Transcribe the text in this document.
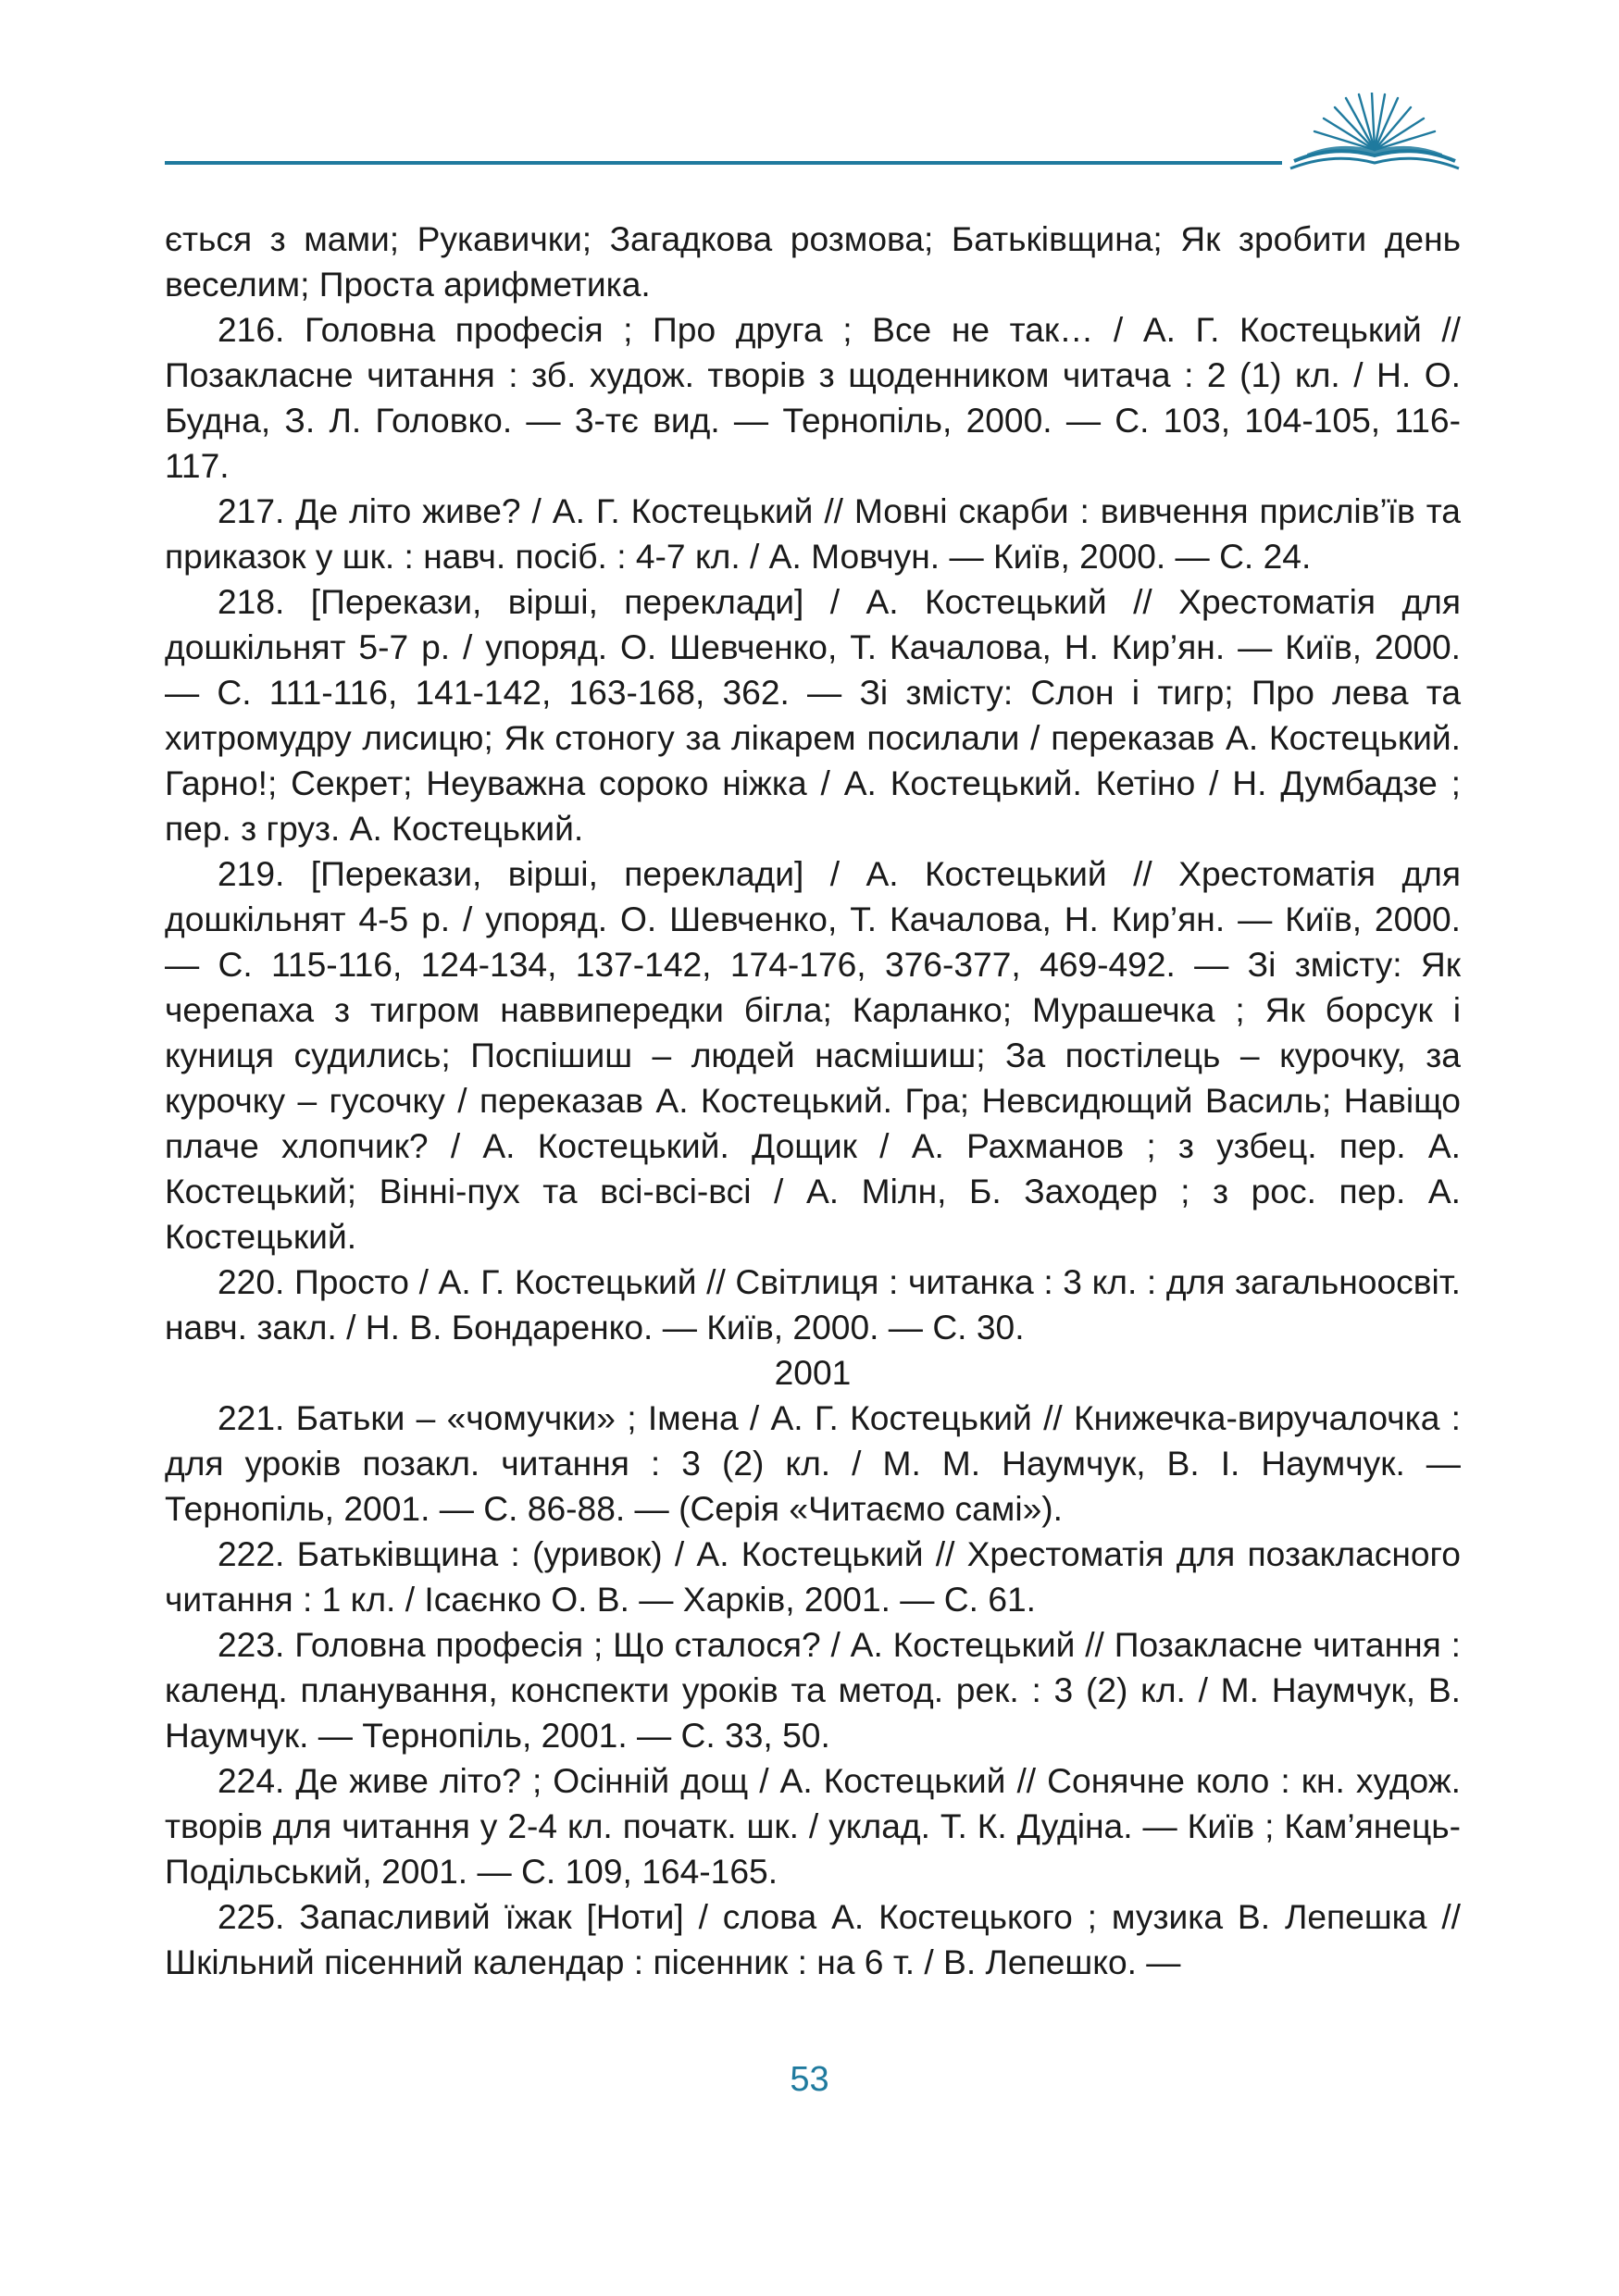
ється з мами; Рукавички; Загадкова розмова; Батьківщина; Як зробити день веселим; Проста арифметика.

216. Головна професія ; Про друга ; Все не так… / А. Г. Костецький // Позакласне читання : зб. худож. творів з щоденником читача : 2 (1) кл. / Н. О. Будна, З. Л. Головко. — 3-тє вид. — Тернопіль, 2000. — С. 103, 104-105, 116-117.

217. Де літо живе? / А. Г. Костецький // Мовні скарби : вивчення прислів’їв та приказок у шк. : навч. посіб. : 4-7 кл. / А. Мовчун. — Київ, 2000. — С. 24.

218. [Перекази, вірші, переклади] / А. Костецький // Хрестоматія для дошкільнят 5-7 р. / упоряд. О. Шевченко, Т. Качалова, Н. Кир’ян. — Київ, 2000. — С. 111-116, 141-142, 163-168, 362. — Зі змісту: Слон і тигр; Про лева та хитромудру лисицю; Як стоногу за лікарем посилали / переказав А. Костецький. Гарно!; Секрет; Неуважна сороко ніжка / А. Костецький. Кетіно / Н. Думбадзе ; пер. з груз. А. Костецький.

219. [Перекази, вірші, переклади] / А. Костецький // Хрестоматія для дошкільнят 4-5 р. / упоряд. О. Шевченко, Т. Качалова, Н. Кир’ян. — Київ, 2000. — С. 115-116, 124-134, 137-142, 174-176, 376-377, 469-492. — Зі змісту: Як черепаха з тигром наввипередки бігла; Карланко; Мурашечка ; Як борсук і куниця судились; Поспішиш – людей насмішиш; За постілець – курочку, за курочку – гусочку / переказав А. Костецький. Гра; Невсидющий Василь; Навіщо плаче хлопчик? / А. Костецький. Дощик / А. Рахманов ; з узбец. пер. А. Костецький; Вінні-пух та всі-всі-всі / А. Мілн, Б. Заходер ; з рос. пер. А. Костецький.

220. Просто / А. Г. Костецький // Світлиця : читанка : 3 кл. : для загальноосвіт. навч. закл. / Н. В. Бондаренко. — Київ, 2000. — С. 30.

2001

221. Батьки – «чомучки» ; Імена / А. Г. Костецький // Книжечка-виручалочка : для уроків позакл. читання : 3 (2) кл. / М. М. Наумчук, В. І. Наумчук. — Тернопіль, 2001. — С. 86-88. — (Серія «Читаємо самі»).

222. Батьківщина : (уривок) / А. Костецький // Хрестоматія для позакласного читання : 1 кл. / Ісаєнко О. В. — Харків, 2001. — С. 61.

223. Головна професія ; Що сталося? / А. Костецький // Позакласне читання : календ. планування, конспекти уроків та метод. рек. : 3 (2) кл. / М. Наумчук, В. Наумчук. — Тернопіль, 2001. — С. 33, 50.

224. Де живе літо? ; Осінній дощ / А. Костецький // Сонячне коло : кн. худож. творів для читання у 2-4 кл. початк. шк. / уклад. Т. К. Дудіна. — Київ ; Кам’янець-Подільський, 2001. — С. 109, 164-165.

225. Запасливий їжак [Ноти] / слова А. Костецького ; музика В. Лепешка // Шкільний пісенний календар : пісенник : на 6 т. / В. Лепешко. —

53
